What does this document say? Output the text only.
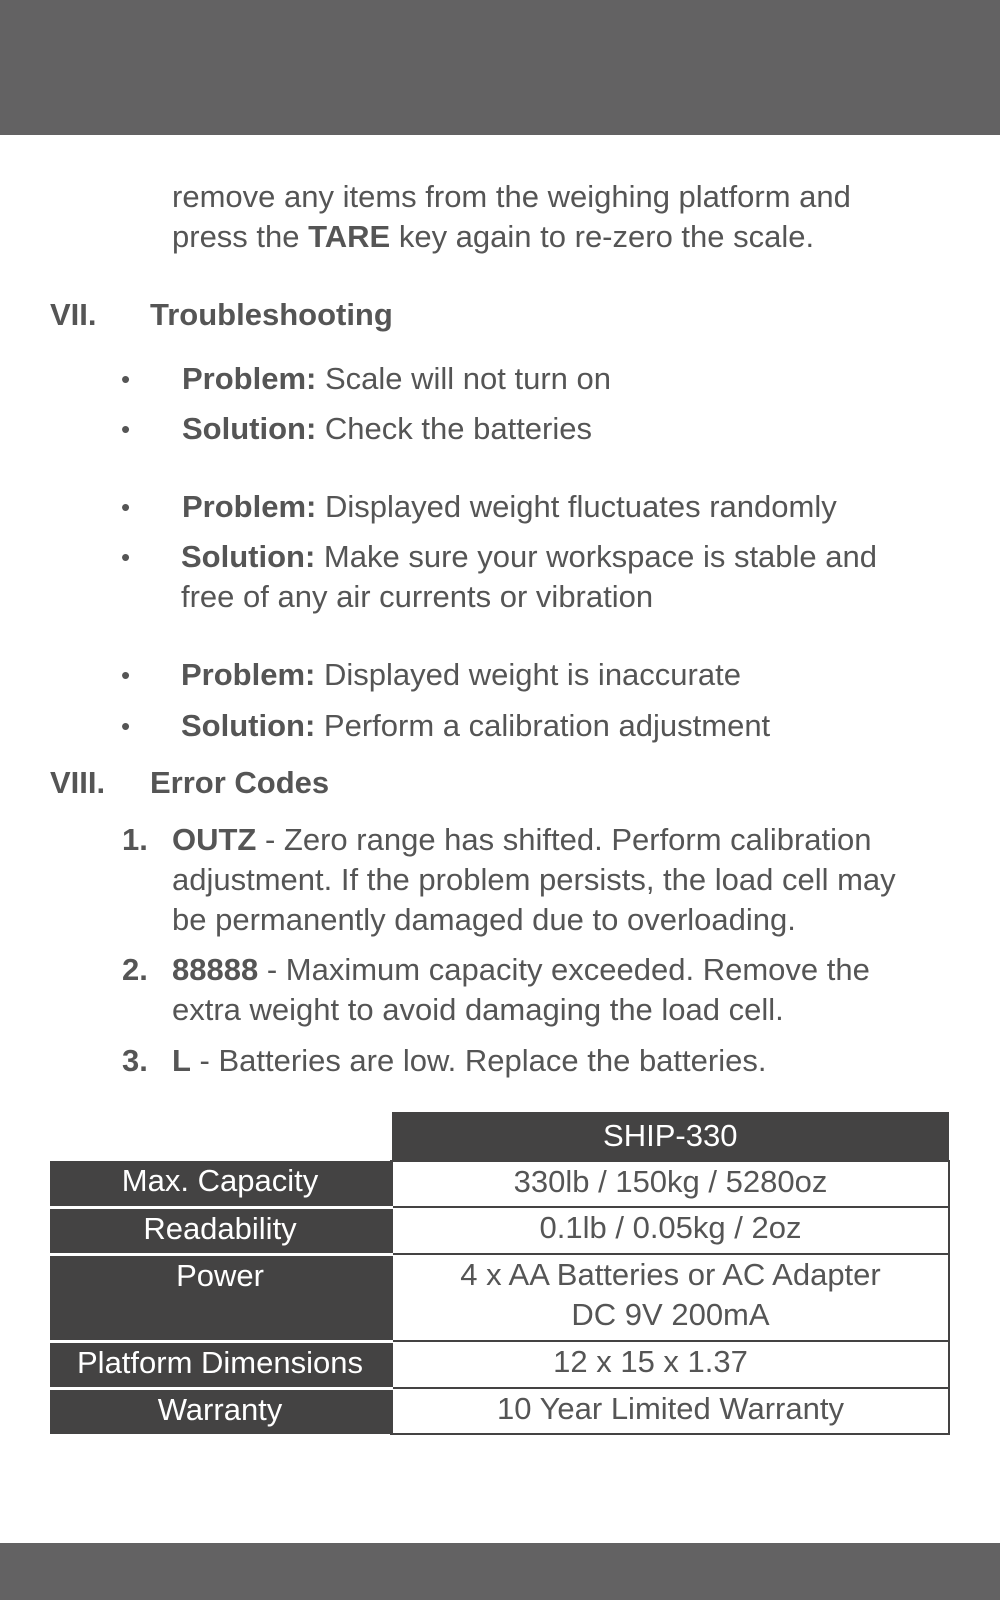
remove any items from the weighing platform and
press the TARE key again to re-zero the scale.
VII. Troubleshooting
• Problem: Scale will not turn on
• Solution: Check the batteries
• Problem: Displayed weight fluctuates randomly
• Solution: Make sure your workspace is stable and
free of any air currents or vibration
• Problem: Displayed weight is inaccurate
• Solution: Perform a calibration adjustment
VIII. Error Codes
1. OUTZ - Zero range has shifted. Perform calibration
adjustment. If the problem persists, the load cell may
be permanently damaged due to overloading.
2. 88888 - Maximum capacity exceeded. Remove the
extra weight to avoid damaging the load cell.
3. L - Batteries are low. Replace the batteries.
	SHIP-330
Max. Capacity	330lb / 150kg / 5280oz
Readability	0.1lb / 0.05kg / 2oz
Power	4 x AA Batteries or AC Adapter
DC 9V 200mA

Platform Dimensions	12 x 15 x 1.37
Warranty	10 Year Limited Warranty
